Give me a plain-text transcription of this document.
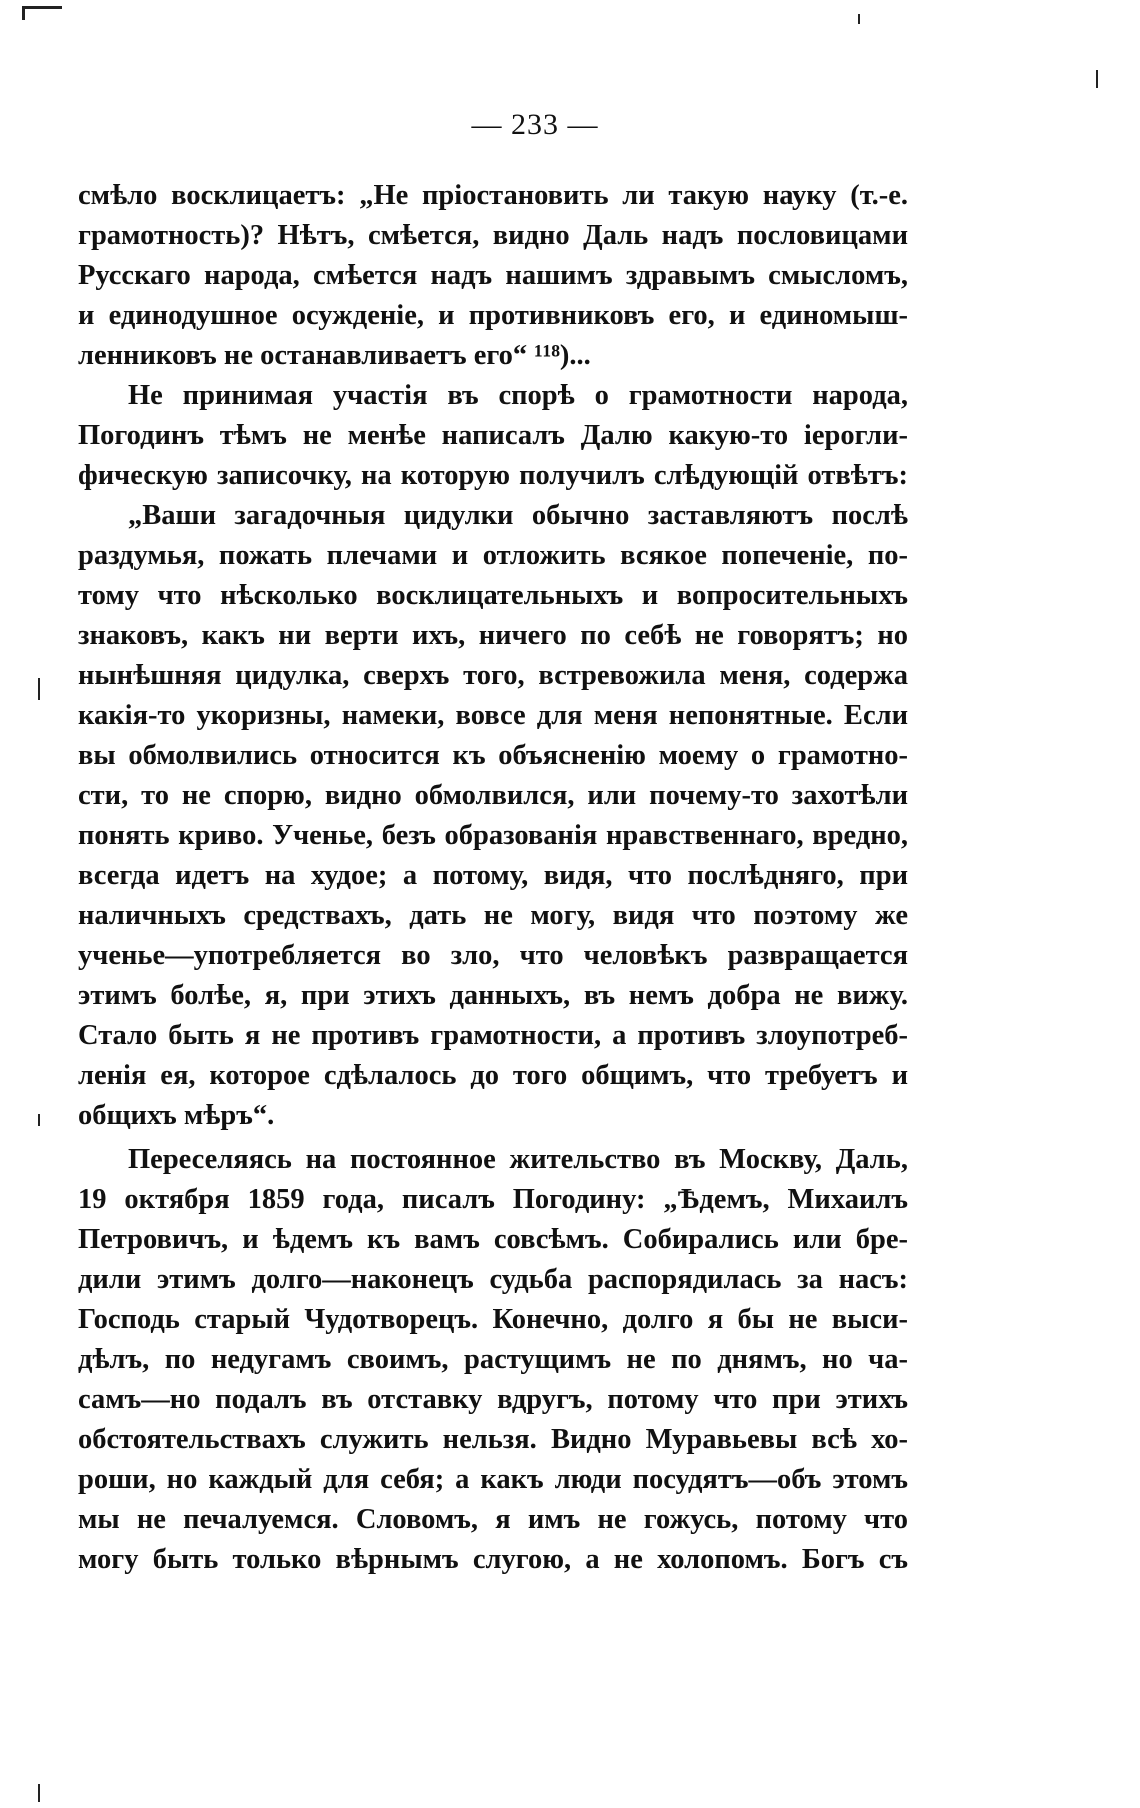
— 233 —
смѣло восклицаетъ: „Не пріостановить ли такую науку (т.-е.
грамотность)? Нѣтъ, смѣется, видно Даль надъ пословицами
Русскаго народа, смѣется надъ нашимъ здравымъ смысломъ,
и единодушное осужденіе, и противниковъ его, и единомыш-
ленниковъ не останавливаетъ его“ ¹¹⁸)...
Не принимая участія въ спорѣ о грамотности народа,
Погодинъ тѣмъ не менѣе написалъ Далю какую-то іерогли-
фическую записочку, на которую получилъ слѣдующій отвѣтъ:
„Ваши загадочныя цидулки обычно заставляютъ послѣ
раздумья, пожать плечами и отложить всякое попеченіе, по-
тому что нѣсколько восклицательныхъ и вопросительныхъ
знаковъ, какъ ни верти ихъ, ничего по себѣ не говорятъ; но
нынѣшняя цидулка, сверхъ того, встревожила меня, содержа
какія-то укоризны, намеки, вовсе для меня непонятные. Если
вы обмолвились относится къ объясненію моему о грамотно-
сти, то не спорю, видно обмолвился, или почему-то захотѣли
понять криво. Ученье, безъ образованія нравственнаго, вредно,
всегда идетъ на худое; а потому, видя, что послѣдняго, при
наличныхъ средствахъ, дать не могу, видя что поэтому же
ученье—употребляется во зло, что человѣкъ развращается
этимъ болѣе, я, при этихъ данныхъ, въ немъ добра не вижу.
Стало быть я не противъ грамотности, а противъ злоупотреб-
ленія ея, которое сдѣлалось до того общимъ, что требуетъ и
общихъ мѣръ“.
Переселяясь на постоянное жительство въ Москву, Даль,
19 октября 1859 года, писалъ Погодину: „Ѣдемъ, Михаилъ
Петровичъ, и ѣдемъ къ вамъ совсѣмъ. Собирались или бре-
дили этимъ долго—наконецъ судьба распорядилась за насъ:
Господь старый Чудотворецъ. Конечно, долго я бы не выси-
дѣлъ, по недугамъ своимъ, растущимъ не по днямъ, но ча-
самъ—но подалъ въ отставку вдругъ, потому что при этихъ
обстоятельствахъ служить нельзя. Видно Муравьевы всѣ хо-
роши, но каждый для себя; а какъ люди посудятъ—объ этомъ
мы не печалуемся. Словомъ, я имъ не гожусь, потому что
могу быть только вѣрнымъ слугою, а не холопомъ. Богъ съ
